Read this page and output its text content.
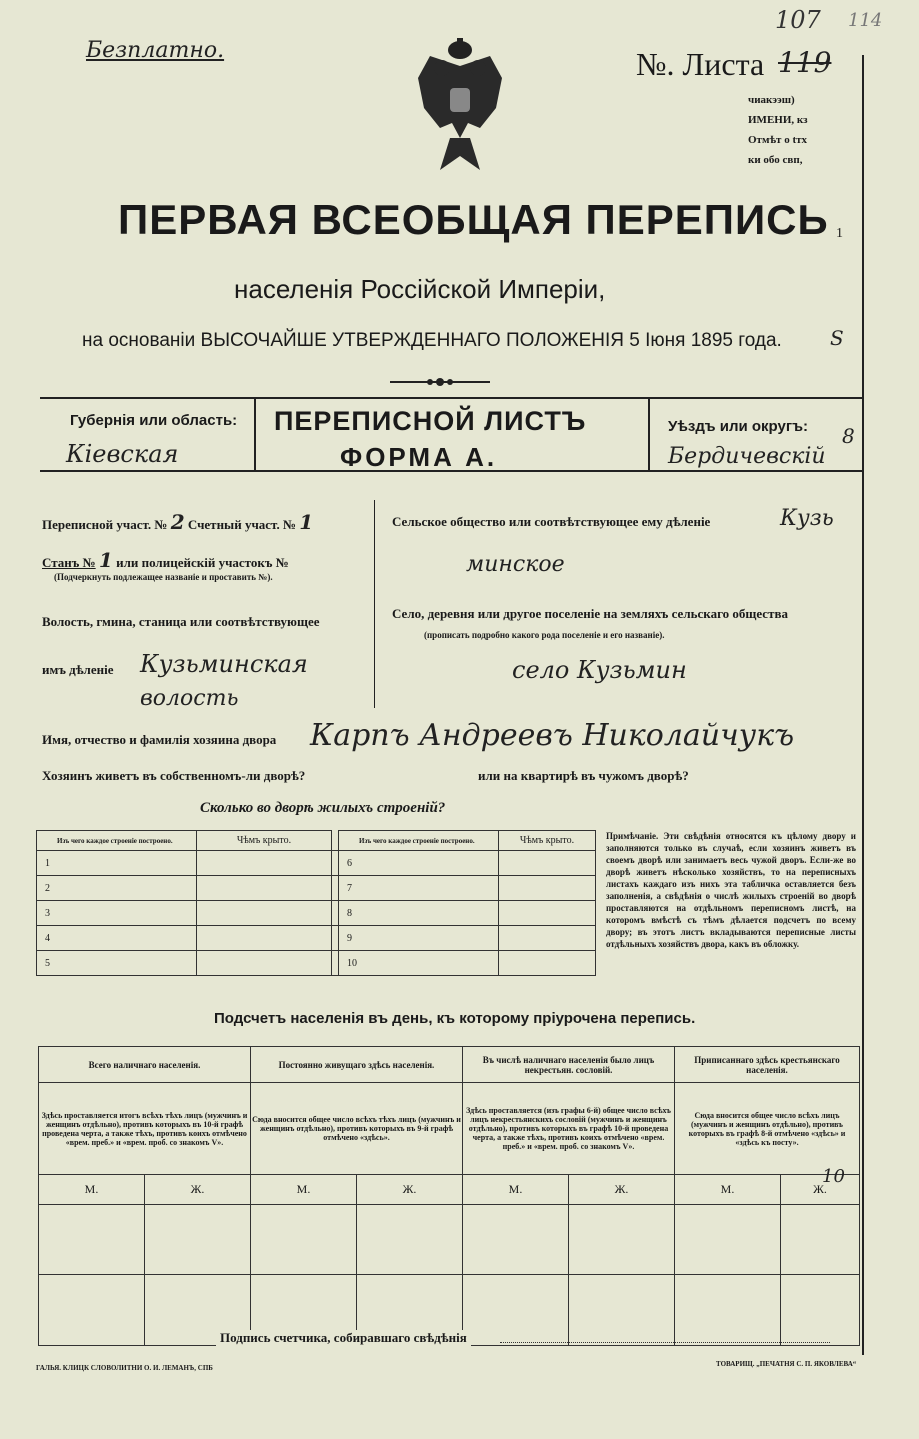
Безплатно.	№. Листа 119
107 114
чиакээш)
ИМЕНИ, кз
Отмѣт о tтх
ки обо свп,
ПЕРВАЯ ВСЕОБЩАЯ ПЕРЕПИСЬ 1
населенія Россійской Имперіи,
на основаніи ВЫСОЧАЙШЕ УТВЕРЖДЕННАГО ПОЛОЖЕНІЯ 5 Іюня 1895 года. S
Губернія или область:
Кіевская
ПЕРЕПИСНОЙ ЛИСТЪ
ФОРМА А.
Уѣздъ или округъ:
Бердичевскій
8
Переписной участ. № 2 Счетный участ. № 1
Станъ № 1 или полицейскій участокъ №
(Подчеркнуть подлежащее названіе и проставить №).
Волость, гмина, станица или соотвѣтствующее
имъ дѣленіе Кузьминская
волость
Сельское общество или соотвѣтствующее ему дѣленіе	Кузь
минское
Село, деревня или другое поселеніе на земляхъ сельскаго общества
(прописать подробно какого рода поселеніе и его названіе).
село Кузьмин
Имя, отчество и фамилія хозяина двора Карпъ Андреевъ Николайчукъ
Хозяинъ живетъ въ собственномъ-ли дворѣ?	или на квартирѣ въ чужомъ дворѣ?
Сколько во дворѣ жилыхъ строеній?
Изъ чего каждое строеніе построено.	Чѣмъ крыто.		Изъ чего каждое строеніе построено.	Чѣмъ крыто.
1			6	
2			7	
3			8	
4			9	
5			10	
Примѣчаніе. Эти свѣдѣнія относятся къ цѣлому двору и заполняются только въ случаѣ, если хозяинъ живетъ въ своемъ дворѣ или занимаетъ весь чужой дворъ. Если-же во дворѣ живетъ нѣсколько хозяйствъ, то на переписныхъ листахъ каждаго изъ нихъ эта табличка оставляется безъ заполненія, а свѣдѣнія о числѣ жилыхъ строеній во дворѣ проставляются на отдѣльномъ переписномъ листѣ, на которомъ вмѣстѣ съ тѣмъ дѣлается подсчетъ по всему двору; въ этотъ листъ вкладываются переписные листы отдѣльныхъ хозяйствъ двора, какъ въ обложку.
Подсчетъ населенія въ день, къ которому пріурочена перепись.
Всего наличнаго населенія.		Постоянно живущаго здѣсь населенія.		Въ числѣ наличнаго населенія было лицъ некрестьян. сословій.		Приписаннаго здѣсь крестьянскаго населенія.	
Здѣсь проставляется итогъ всѣхъ тѣхъ лицъ (мужчинъ и женщинъ отдѣльно), противъ которыхъ въ 10-й графѣ проведена черта, а также тѣхъ, противъ коихъ отмѣчено «врем. преб.» и «врем. проб. со знакомъ V».		Сюда вносится общее число всѣхъ тѣхъ лицъ (мужчинъ и женщинъ отдѣльно), противъ которыхъ въ 9-й графѣ отмѣчено «здѣсь».		Здѣсь проставляется (изъ графы 6-й) общее число всѣхъ лицъ некрестьянскихъ сословій (мужчинъ и женщинъ отдѣльно), противъ которыхъ въ графѣ 10-й проведена черта, а также тѣхъ, противъ коихъ отмѣчено «врем. преб.» и «врем. проб. со знакомъ V».		Сюда вносится общее число всѣхъ лицъ (мужчинъ и женщинъ отдѣльно), противъ которыхъ въ графѣ 8-й отмѣчено «здѣсь» и «здѣсь къ посту».	
М.	Ж.	М.	Ж.	М.	Ж.	М.	Ж.

10
Подпись счетчика, собиравшаго свѣдѣнія
ГАЛЬЯ. КЛИЦК СЛОВОЛИТНИ О. И. ЛЕМАНЪ, СПБ	ТОВАРИЩ. „ПЕЧАТНЯ С. П. ЯКОВЛЕВА“
